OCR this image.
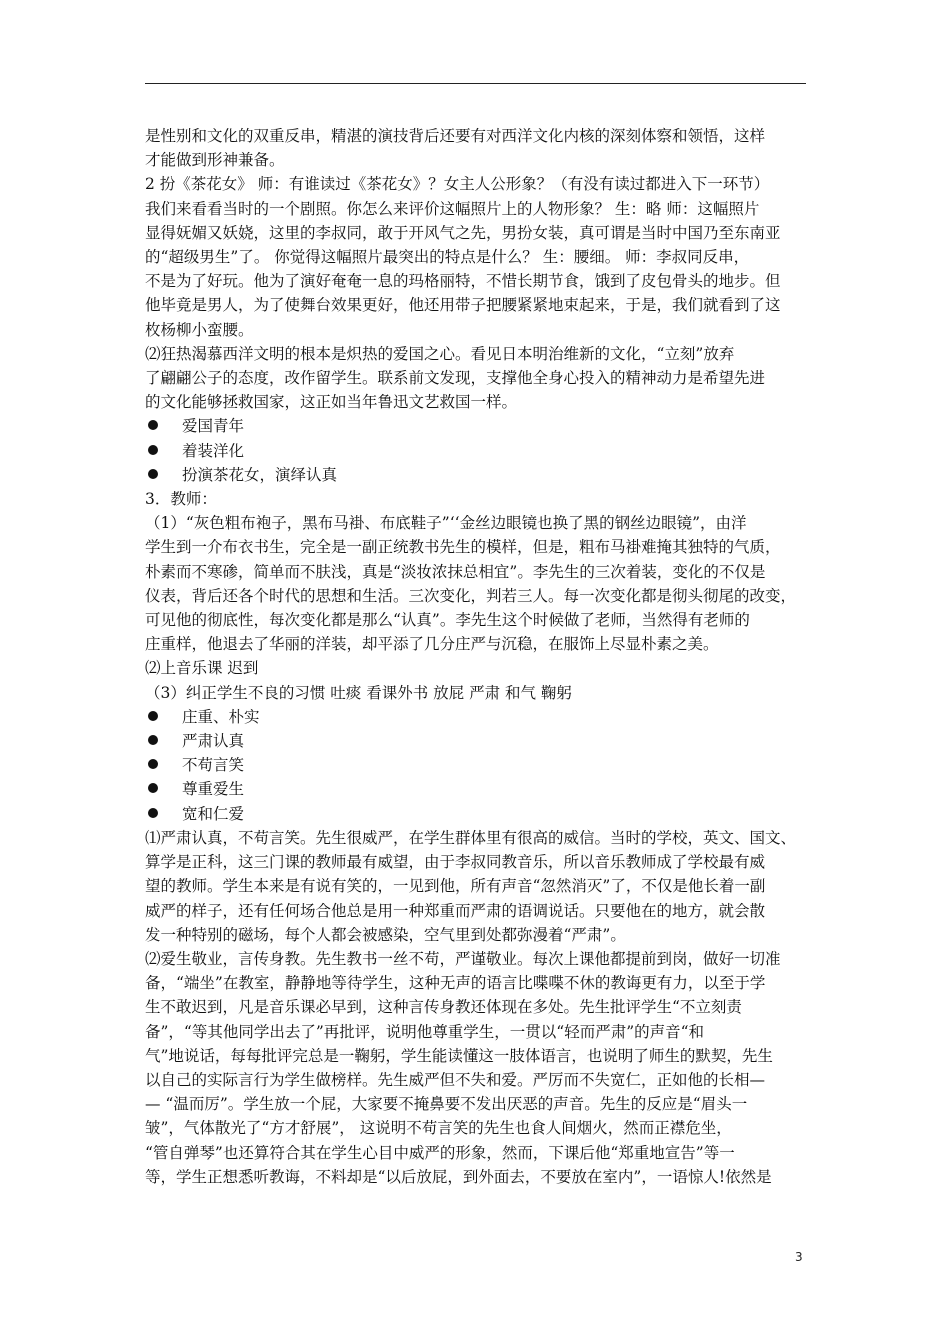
是性别和文化的双重反串，精湛的演技背后还要有对西洋文化内核的深刻体察和领悟，这样

才能做到形神兼备。

2 扮《茶花女》 师：有谁读过《茶花女》？女主人公形象？（有没有读过都进入下一环节）

我们来看看当时的一个剧照。你怎么来评价这幅照片上的人物形象？ 生：略 师：这幅照片

显得妩媚又妖娆，这里的李叔同，敢于开风气之先，男扮女装，真可谓是当时中国乃至东南亚

的“超级男生”了。 你觉得这幅照片最突出的特点是什么？ 生：腰细。 师：李叔同反串，

不是为了好玩。他为了演好奄奄一息的玛格丽特，不惜长期节食，饿到了皮包骨头的地步。但

他毕竟是男人，为了使舞台效果更好，他还用带子把腰紧紧地束起来，于是，我们就看到了这

枚杨柳小蛮腰。

⑵狂热渴慕西洋文明的根本是炽热的爱国之心。看见日本明治维新的文化，“立刻”放弃

了翩翩公子的态度，改作留学生。联系前文发现，支撑他全身心投入的精神动力是希望先进

的文化能够拯救国家，这正如当年鲁迅文艺救国一样。

爱国青年

着装洋化

扮演茶花女，演绎认真

3．教师：

（1）“灰色粗布袍子，黑布马褂、布底鞋子”‘‘金丝边眼镜也换了黑的钢丝边眼镜”，由洋

学生到一介布衣书生，完全是一副正统教书先生的模样，但是，粗布马褂难掩其独特的气质，

朴素而不寒碜，简单而不肤浅，真是“淡妆浓抹总相宜”。李先生的三次着装，变化的不仅是

仪表，背后还各个时代的思想和生活。三次变化，判若三人。每一次变化都是彻头彻尾的改变，

可见他的彻底性，每次变化都是那么“认真”。李先生这个时候做了老师，当然得有老师的

庄重样，他退去了华丽的洋装，却平添了几分庄严与沉稳，在服饰上尽显朴素之美。

⑵上音乐课 迟到

（3）纠正学生不良的习惯 吐痰 看课外书 放屁 严肃 和气 鞠躬

庄重、朴实

严肃认真

不苟言笑

尊重爱生

宽和仁爱

⑴严肃认真，不苟言笑。先生很威严，在学生群体里有很高的威信。当时的学校，英文、国文、

算学是正科，这三门课的教师最有威望，由于李叔同教音乐，所以音乐教师成了学校最有威

望的教师。学生本来是有说有笑的，一见到他，所有声音“忽然消灭”了，不仅是他长着一副

威严的样子，还有任何场合他总是用一种郑重而严肃的语调说话。只要他在的地方，就会散

发一种特别的磁场，每个人都会被感染，空气里到处都弥漫着“严肃”。

⑵爱生敬业，言传身教。先生教书一丝不苟，严谨敬业。每次上课他都提前到岗，做好一切准

备，“端坐”在教室，静静地等待学生，这种无声的语言比喋喋不休的教诲更有力，以至于学

生不敢迟到，凡是音乐课必早到，这种言传身教还体现在多处。先生批评学生“不立刻责

备”，“等其他同学出去了”再批评，说明他尊重学生，一贯以“轻而严肃”的声音“和

气”地说话，每每批评完总是一鞠躬，学生能读懂这一肢体语言，也说明了师生的默契，先生

以自己的实际言行为学生做榜样。先生威严但不失和爱。严厉而不失宽仁，正如他的长相—

— “温而厉”。学生放一个屁，大家要不掩鼻要不发出厌恶的声音。先生的反应是“眉头一

皱”，气体散光了“方才舒展”， 这说明不苟言笑的先生也食人间烟火，然而正襟危坐，

“管自弹琴”也还算符合其在学生心目中威严的形象，然而，下课后他“郑重地宣告”等一

等，学生正想悉听教诲，不料却是“以后放屁，到外面去，不要放在室内”，一语惊人!依然是

3
